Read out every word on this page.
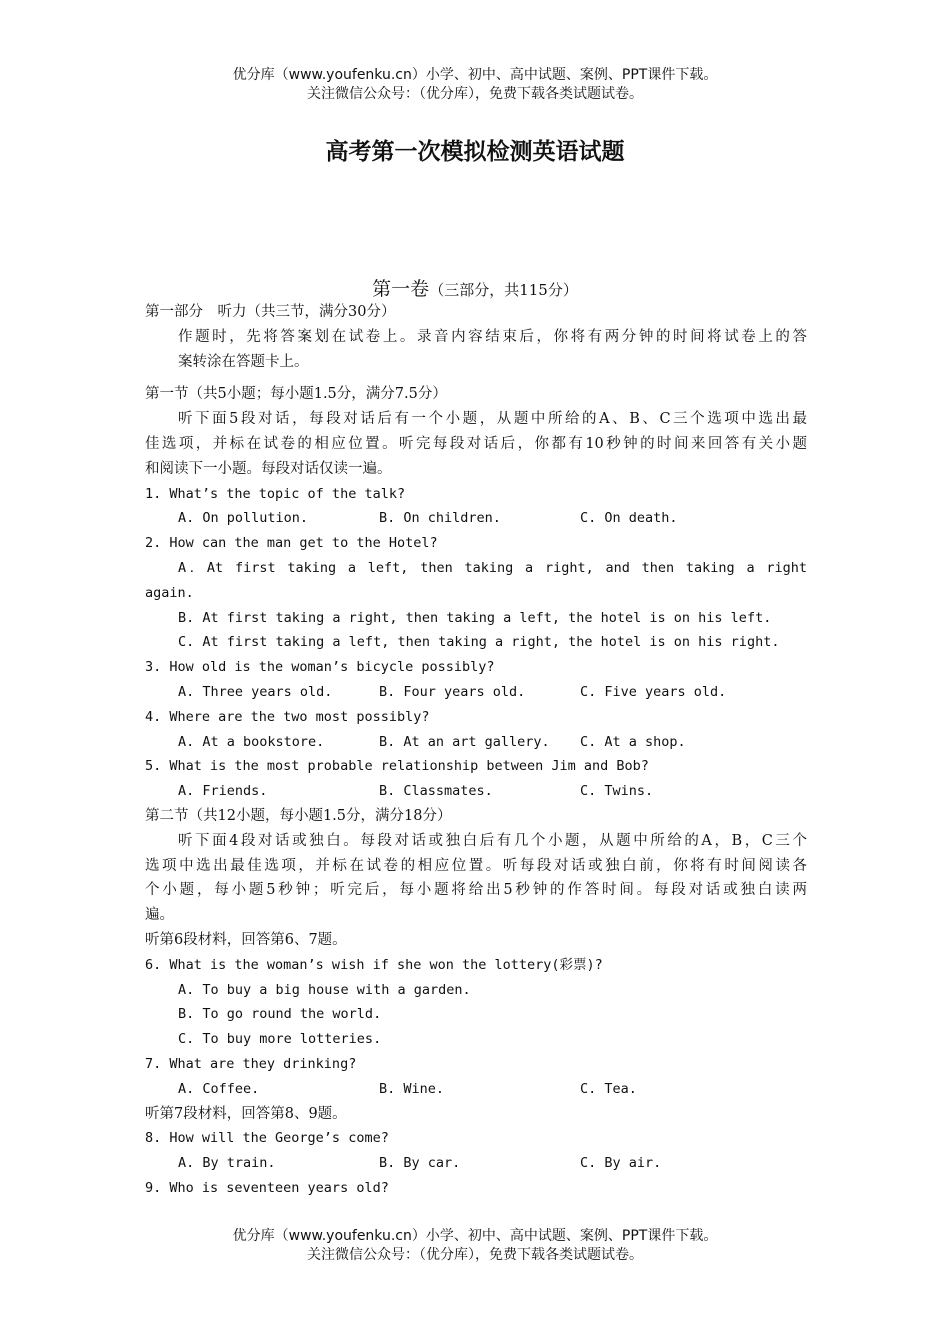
优分库（www.youfenku.cn）小学、初中、高中试题、案例、PPT课件下载。
关注微信公众号：（优分库），免费下载各类试题试卷。
高考第一次模拟检测英语试题
第一卷（三部分，共115分）
第一部分　听力（共三节，满分30分）
作题时，先将答案划在试卷上。录音内容结束后，你将有两分钟的时间将试卷上的答
案转涂在答题卡上。
第一节（共5小题；每小题1.5分，满分7.5分）
听下面5段对话，每段对话后有一个小题，从题中所给的A、B、C三个选项中选出最
佳选项，并标在试卷的相应位置。听完每段对话后，你都有10秒钟的时间来回答有关小题
和阅读下一小题。每段对话仅读一遍。
1. What’s the topic of the talk?
A. On pollution.	B. On children.	C. On death.
2. How can the man get to the Hotel?
A．At first taking a left, then taking a right, and then taking a right
again.
B. At first taking a right, then taking a left, the hotel is on his left.
C. At first taking a left, then taking a right, the hotel is on his right.
3. How old is the woman’s bicycle possibly?
A. Three years old.	B. Four years old.	C. Five years old.
4. Where are the two most possibly?
A. At a bookstore.	B. At an art gallery.	C. At a shop.
5. What is the most probable relationship between Jim and Bob?
A. Friends.	B. Classmates.	C. Twins.
第二节（共12小题，每小题1.5分，满分18分）
听下面4段对话或独白。每段对话或独白后有几个小题，从题中所给的A，B，C三个
选项中选出最佳选项，并标在试卷的相应位置。听每段对话或独白前，你将有时间阅读各
个小题，每小题5秒钟；听完后，每小题将给出5秒钟的作答时间。每段对话或独白读两
遍。
听第6段材料，回答第6、7题。
6. What is the woman’s wish if she won the lottery(彩票)?
A. To buy a big house with a garden.
B. To go round the world.
C. To buy more lotteries.
7. What are they drinking?
A. Coffee.	B. Wine.	C. Tea.
听第7段材料，回答第8、9题。
8. How will the George’s come?
A. By train.	B. By car.	C. By air.
9. Who is seventeen years old?
优分库（www.youfenku.cn）小学、初中、高中试题、案例、PPT课件下载。
关注微信公众号：（优分库），免费下载各类试题试卷。
